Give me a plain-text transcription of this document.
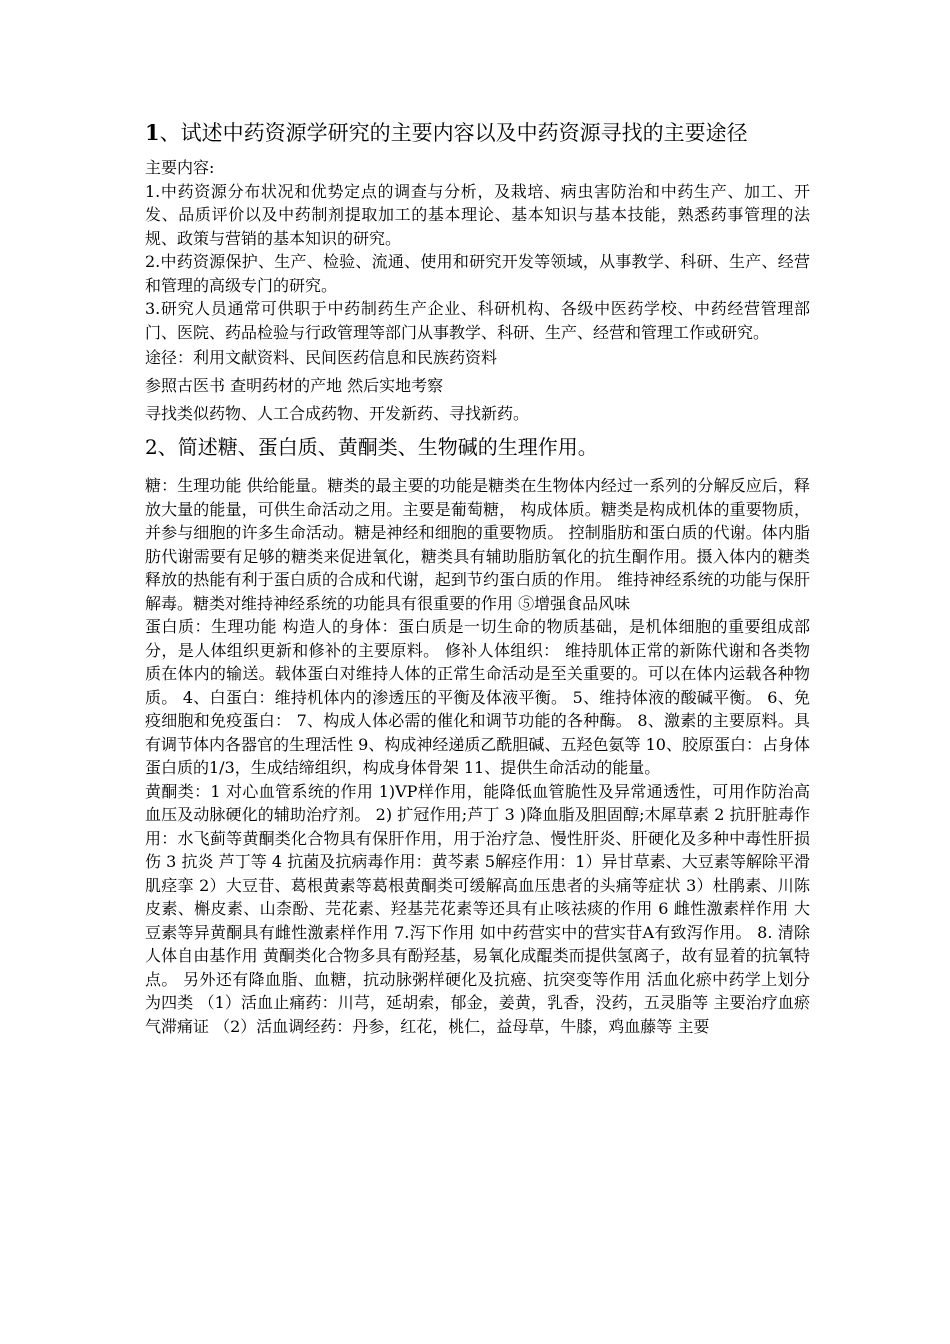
1、试述中药资源学研究的主要内容以及中药资源寻找的主要途径

主要内容:

1.中药资源分布状况和优势定点的调查与分析，及栽培、病虫害防治和中药生产、加工、开发、品质评价以及中药制剂提取加工的基本理论、基本知识与基本技能，熟悉药事管理的法规、政策与营销的基本知识的研究。

2.中药资源保护、生产、检验、流通、使用和研究开发等领域，从事教学、科研、生产、经营和管理的高级专门的研究。

3.研究人员通常可供职于中药制药生产企业、科研机构、各级中医药学校、中药经营管理部门、医院、药品检验与行政管理等部门从事教学、科研、生产、经营和管理工作或研究。

途径：利用文献资料、民间医药信息和民族药资料

参照古医书 查明药材的产地 然后实地考察

寻找类似药物、人工合成药物、开发新药、寻找新药。

2、简述糖、蛋白质、黄酮类、生物碱的生理作用。

糖：生理功能 供给能量。糖类的最主要的功能是糖类在生物体内经过一系列的分解反应后，释放大量的能量，可供生命活动之用。主要是葡萄糖， 构成体质。糖类是构成机体的重要物质，并参与细胞的许多生命活动。糖是神经和细胞的重要物质。 控制脂肪和蛋白质的代谢。体内脂肪代谢需要有足够的糖类来促进氧化，糖类具有辅助脂肪氧化的抗生酮作用。摄入体内的糖类释放的热能有利于蛋白质的合成和代谢，起到节约蛋白质的作用。 维持神经系统的功能与保肝解毒。糖类对维持神经系统的功能具有很重要的作用 ⑤增强食品风味

蛋白质：生理功能 构造人的身体：蛋白质是一切生命的物质基础，是机体细胞的重要组成部分，是人体组织更新和修补的主要原料。 修补人体组织： 维持肌体正常的新陈代谢和各类物质在体内的输送。载体蛋白对维持人体的正常生命活动是至关重要的。可以在体内运载各种物质。 4、白蛋白：维持机体内的渗透压的平衡及体液平衡。 5、维持体液的酸碱平衡。 6、免疫细胞和免疫蛋白： 7、构成人体必需的催化和调节功能的各种酶。 8、激素的主要原料。具有调节体内各器官的生理活性 9、构成神经递质乙酰胆碱、五羟色氨等 10、胶原蛋白：占身体蛋白质的1/3，生成结缔组织，构成身体骨架 11、提供生命活动的能量。

黄酮类：1 对心血管系统的作用 1)VP样作用，能降低血管脆性及异常通透性，可用作防治高血压及动脉硬化的辅助治疗剂。 2) 扩冠作用;芦丁 3 )降血脂及胆固醇;木犀草素 2 抗肝脏毒作用：水飞蓟等黄酮类化合物具有保肝作用，用于治疗急、慢性肝炎、肝硬化及多种中毒性肝损伤 3 抗炎 芦丁等 4 抗菌及抗病毒作用：黄芩素 5解痉作用：1）异甘草素、大豆素等解除平滑肌痉挛 2）大豆苷、葛根黄素等葛根黄酮类可缓解高血压患者的头痛等症状 3）杜鹃素、川陈皮素、槲皮素、山柰酚、芫花素、羟基芫花素等还具有止咳祛痰的作用 6 雌性激素样作用 大豆素等异黄酮具有雌性激素样作用 7.泻下作用 如中药营实中的营实苷A有致泻作用。 8. 清除人体自由基作用 黄酮类化合物多具有酚羟基，易氧化成醌类而提供氢离子，故有显着的抗氧特点。 另外还有降血脂、血糖，抗动脉粥样硬化及抗癌、抗突变等作用 活血化瘀中药学上划分为四类 （1）活血止痛药：川芎，延胡索，郁金，姜黄，乳香，没药，五灵脂等 主要治疗血瘀气滞痛证 （2）活血调经药：丹参，红花，桃仁，益母草，牛膝，鸡血藤等 主要
